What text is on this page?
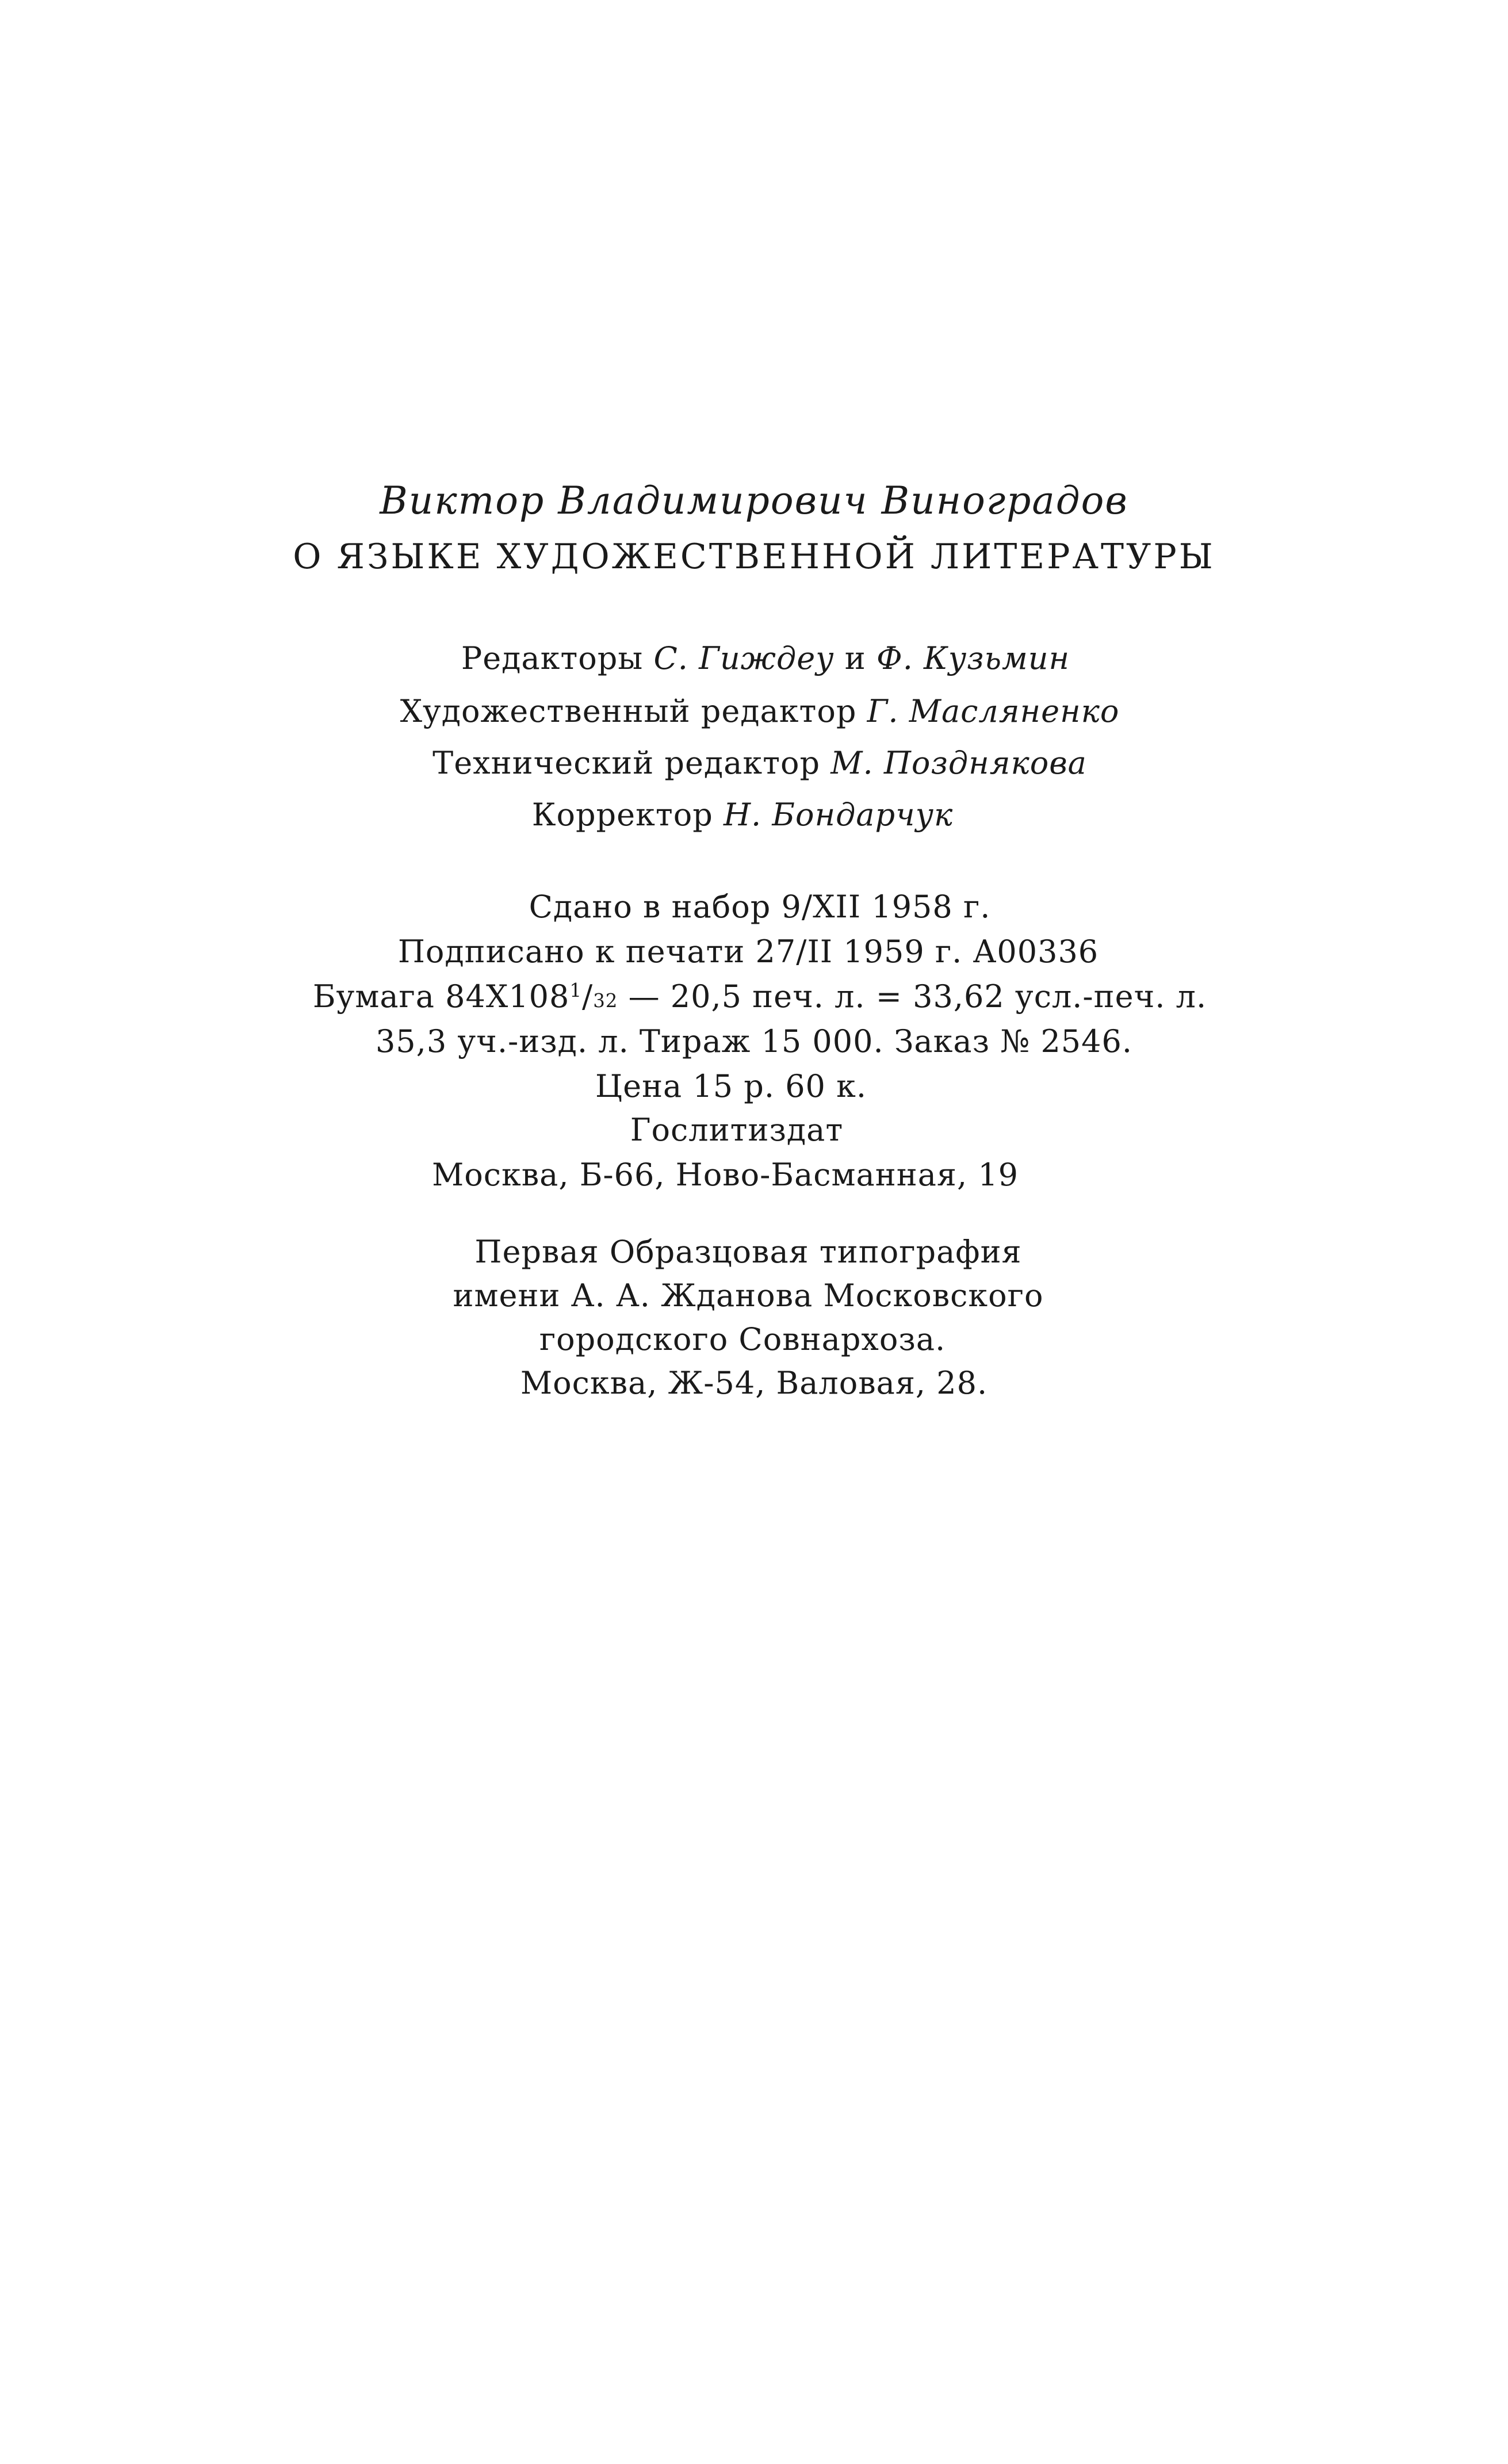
Виктор Владимирович Виноградов
О ЯЗЫКЕ ХУДОЖЕСТВЕННОЙ ЛИТЕРАТУРЫ
Редакторы С. Гиждеу и Ф. Кузьмин
Художественный редактор Г. Масляненко
Технический редактор М. Позднякова
Корректор Н. Бондарчук
Сдано в набор 9/XII 1958 г.
Подписано к печати 27/II 1959 г. А00336
Бумага $84Х108^1/32$ — 20,5 печ. л. = 33,62 усл.-печ. л.
35,3 уч.-изд. л. Тираж 15 000. Заказ № 2546.
Цена 15 р. 60 к.
Гослитиздат
Москва, Б-66, Ново-Басманная, 19
Первая Образцовая типография
имени А. А. Жданова Московского
городского Совнархоза.
Москва, Ж-54, Валовая, 28.
